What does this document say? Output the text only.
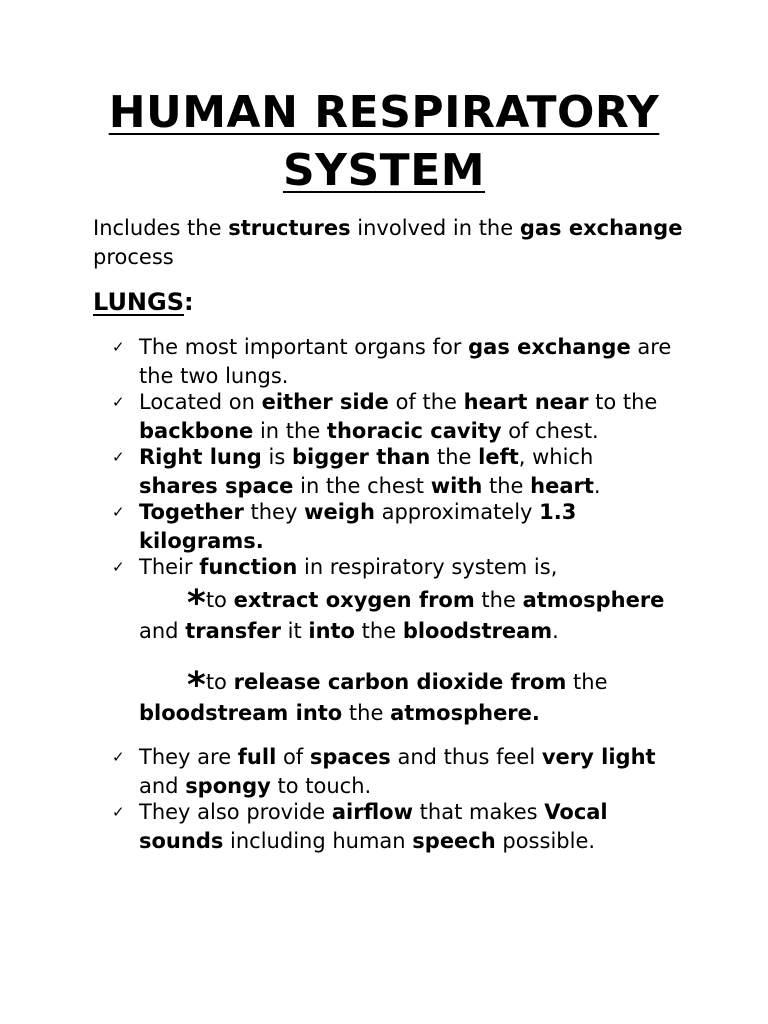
HUMAN RESPIRATORY
SYSTEM
Includes the structures involved in the gas exchange process
LUNGS:
✓ The most important organs for gas exchange are the two lungs.
✓ Located on either side of the heart near to the backbone in the thoracic cavity of chest.
✓ Right lung is bigger than the left, which shares space in the chest with the heart.
✓ Together they weigh approximately 1.3 kilograms.
✓ Their function in respiratory system is,
*to extract oxygen from the atmosphere and transfer it into the bloodstream.
*to release carbon dioxide from the bloodstream into the atmosphere.
✓ They are full of spaces and thus feel very light and spongy to touch.
✓ They also provide airflow that makes Vocal sounds including human speech possible.
